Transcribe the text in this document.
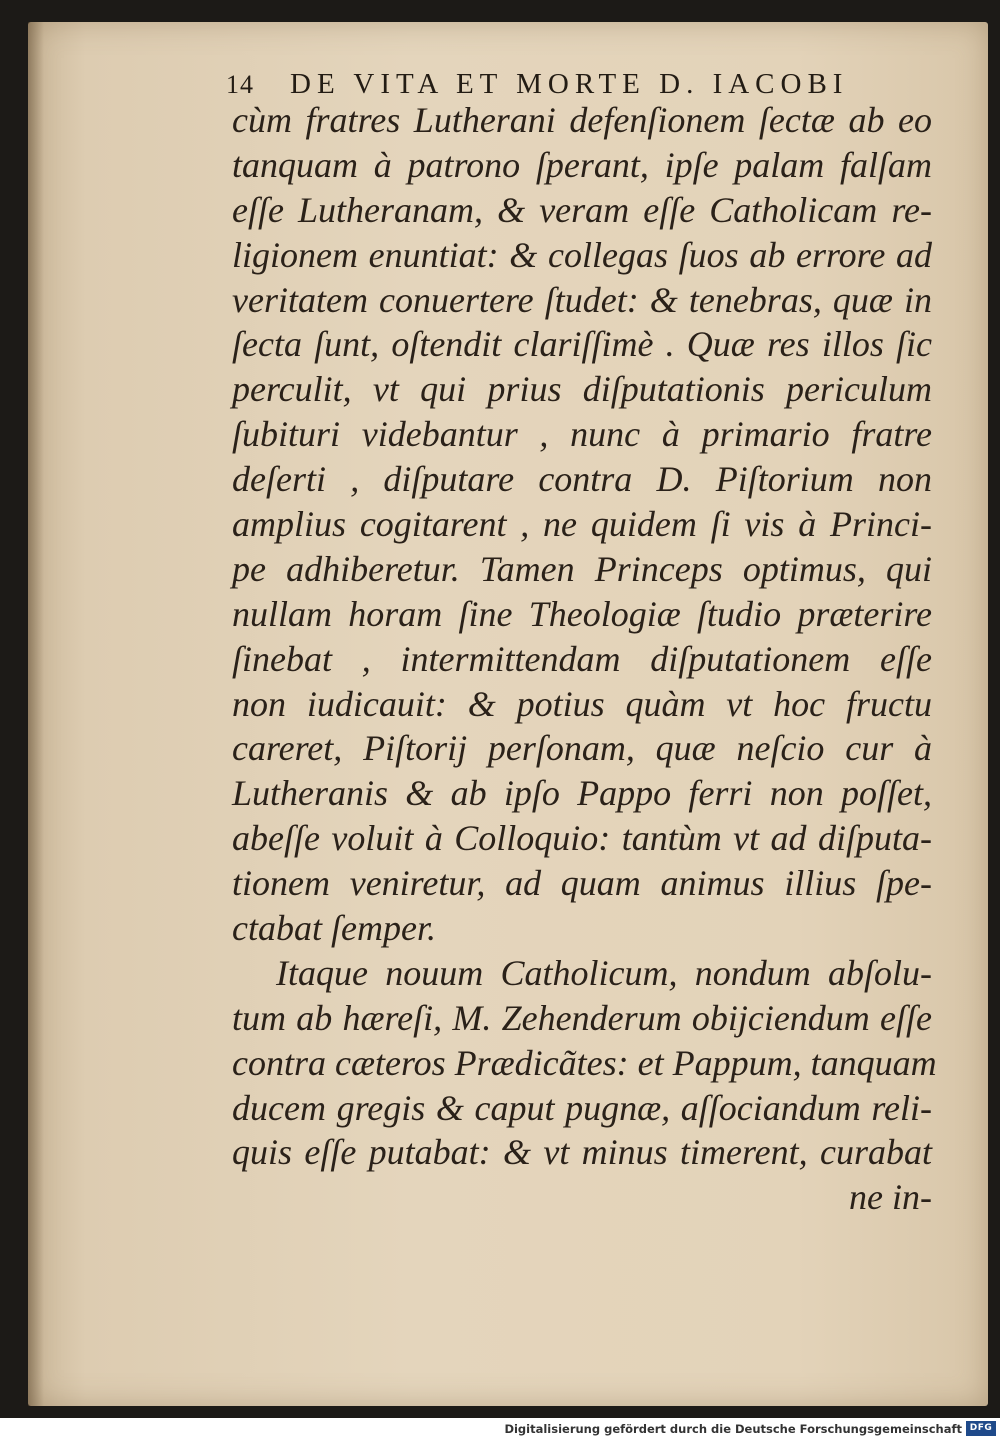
14 DE VITA ET MORTE D. IACOBI
cùm fratres Lutherani defenſionem ſectæ ab eo
tanquam à patrono ſperant, ipſe palam falſam
eſſe Lutheranam, & veram eſſe Catholicam re-
ligionem enuntiat: & collegas ſuos ab errore ad
veritatem conuertere ſtudet: & tenebras, quæ in
ſecta ſunt, oſtendit clariſſimè . Quæ res illos ſic
perculit, vt qui prius diſputationis periculum
ſubituri videbantur , nunc à primario fratre
deſerti , diſputare contra D. Piſtorium non
amplius cogitarent , ne quidem ſi vis à Princi-
pe adhiberetur. Tamen Princeps optimus, qui
nullam horam ſine Theologiæ ſtudio præterire
ſinebat , intermittendam diſputationem eſſe
non iudicauit: & potius quàm vt hoc fructu
careret, Piſtorij perſonam, quæ neſcio cur à
Lutheranis & ab ipſo Pappo ferri non poſſet,
abeſſe voluit à Colloquio: tantùm vt ad diſputa-
tionem veniretur, ad quam animus illius ſpe-
ctabat ſemper.
Itaque nouum Catholicum, nondum abſolu-
tum ab hæreſi, M. Zehenderum obijciendum eſſe
contra cæteros Prædicãtes: et Pappum, tanquam
ducem gregis & caput pugnæ, aſſociandum reli-
quis eſſe putabat: & vt minus timerent, curabat
ne in-
Digitalisierung gefördert durch die Deutsche Forschungsgemeinschaft DFG
